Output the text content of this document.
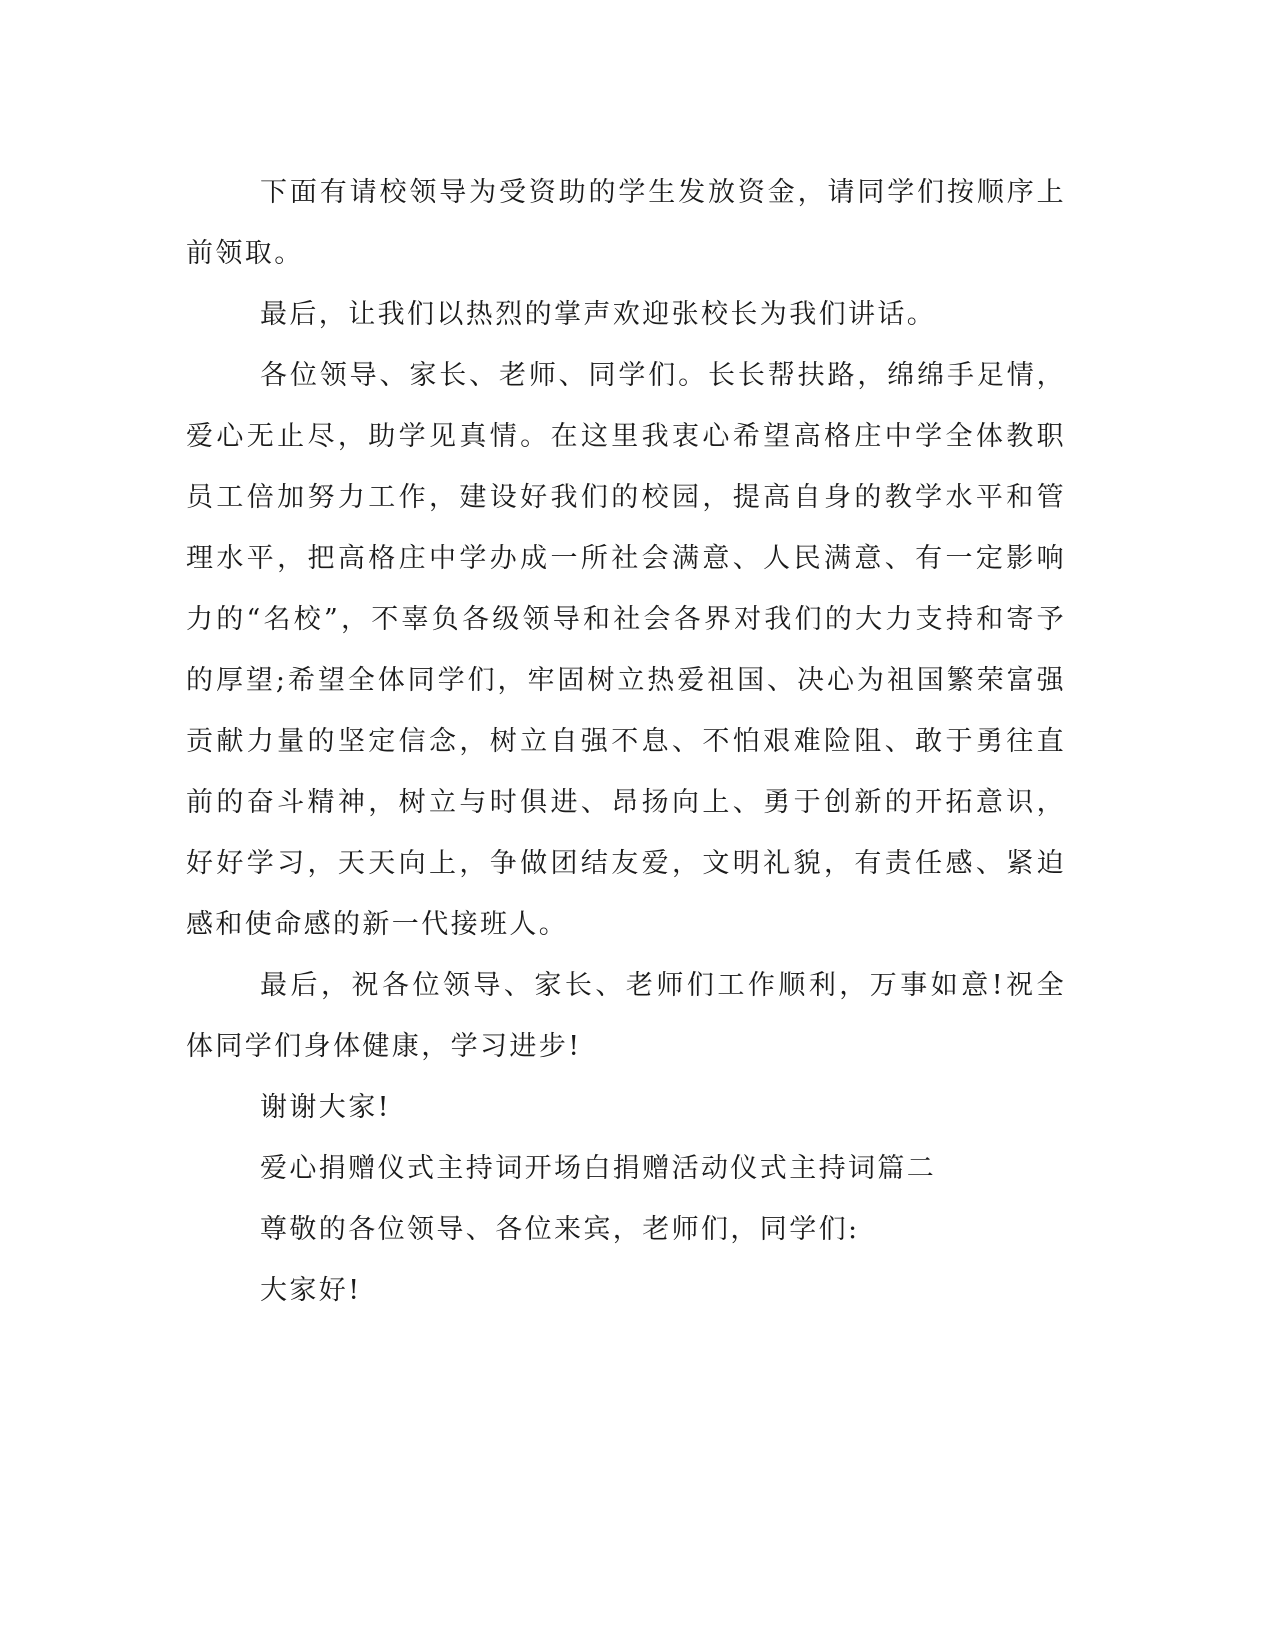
下面有请校领导为受资助的学生发放资金，请同学们按顺序上前领取。

最后，让我们以热烈的掌声欢迎张校长为我们讲话。

各位领导、家长、老师、同学们。长长帮扶路，绵绵手足情，爱心无止尽，助学见真情。在这里我衷心希望高格庄中学全体教职员工倍加努力工作，建设好我们的校园，提高自身的教学水平和管理水平，把高格庄中学办成一所社会满意、人民满意、有一定影响力的“名校”，不辜负各级领导和社会各界对我们的大力支持和寄予的厚望;希望全体同学们，牢固树立热爱祖国、决心为祖国繁荣富强贡献力量的坚定信念，树立自强不息、不怕艰难险阻、敢于勇往直前的奋斗精神，树立与时俱进、昂扬向上、勇于创新的开拓意识，好好学习，天天向上，争做团结友爱，文明礼貌，有责任感、紧迫感和使命感的新一代接班人。

最后，祝各位领导、家长、老师们工作顺利，万事如意!祝全体同学们身体健康，学习进步!

谢谢大家!

爱心捐赠仪式主持词开场白捐赠活动仪式主持词篇二

尊敬的各位领导、各位来宾，老师们，同学们:

大家好!
